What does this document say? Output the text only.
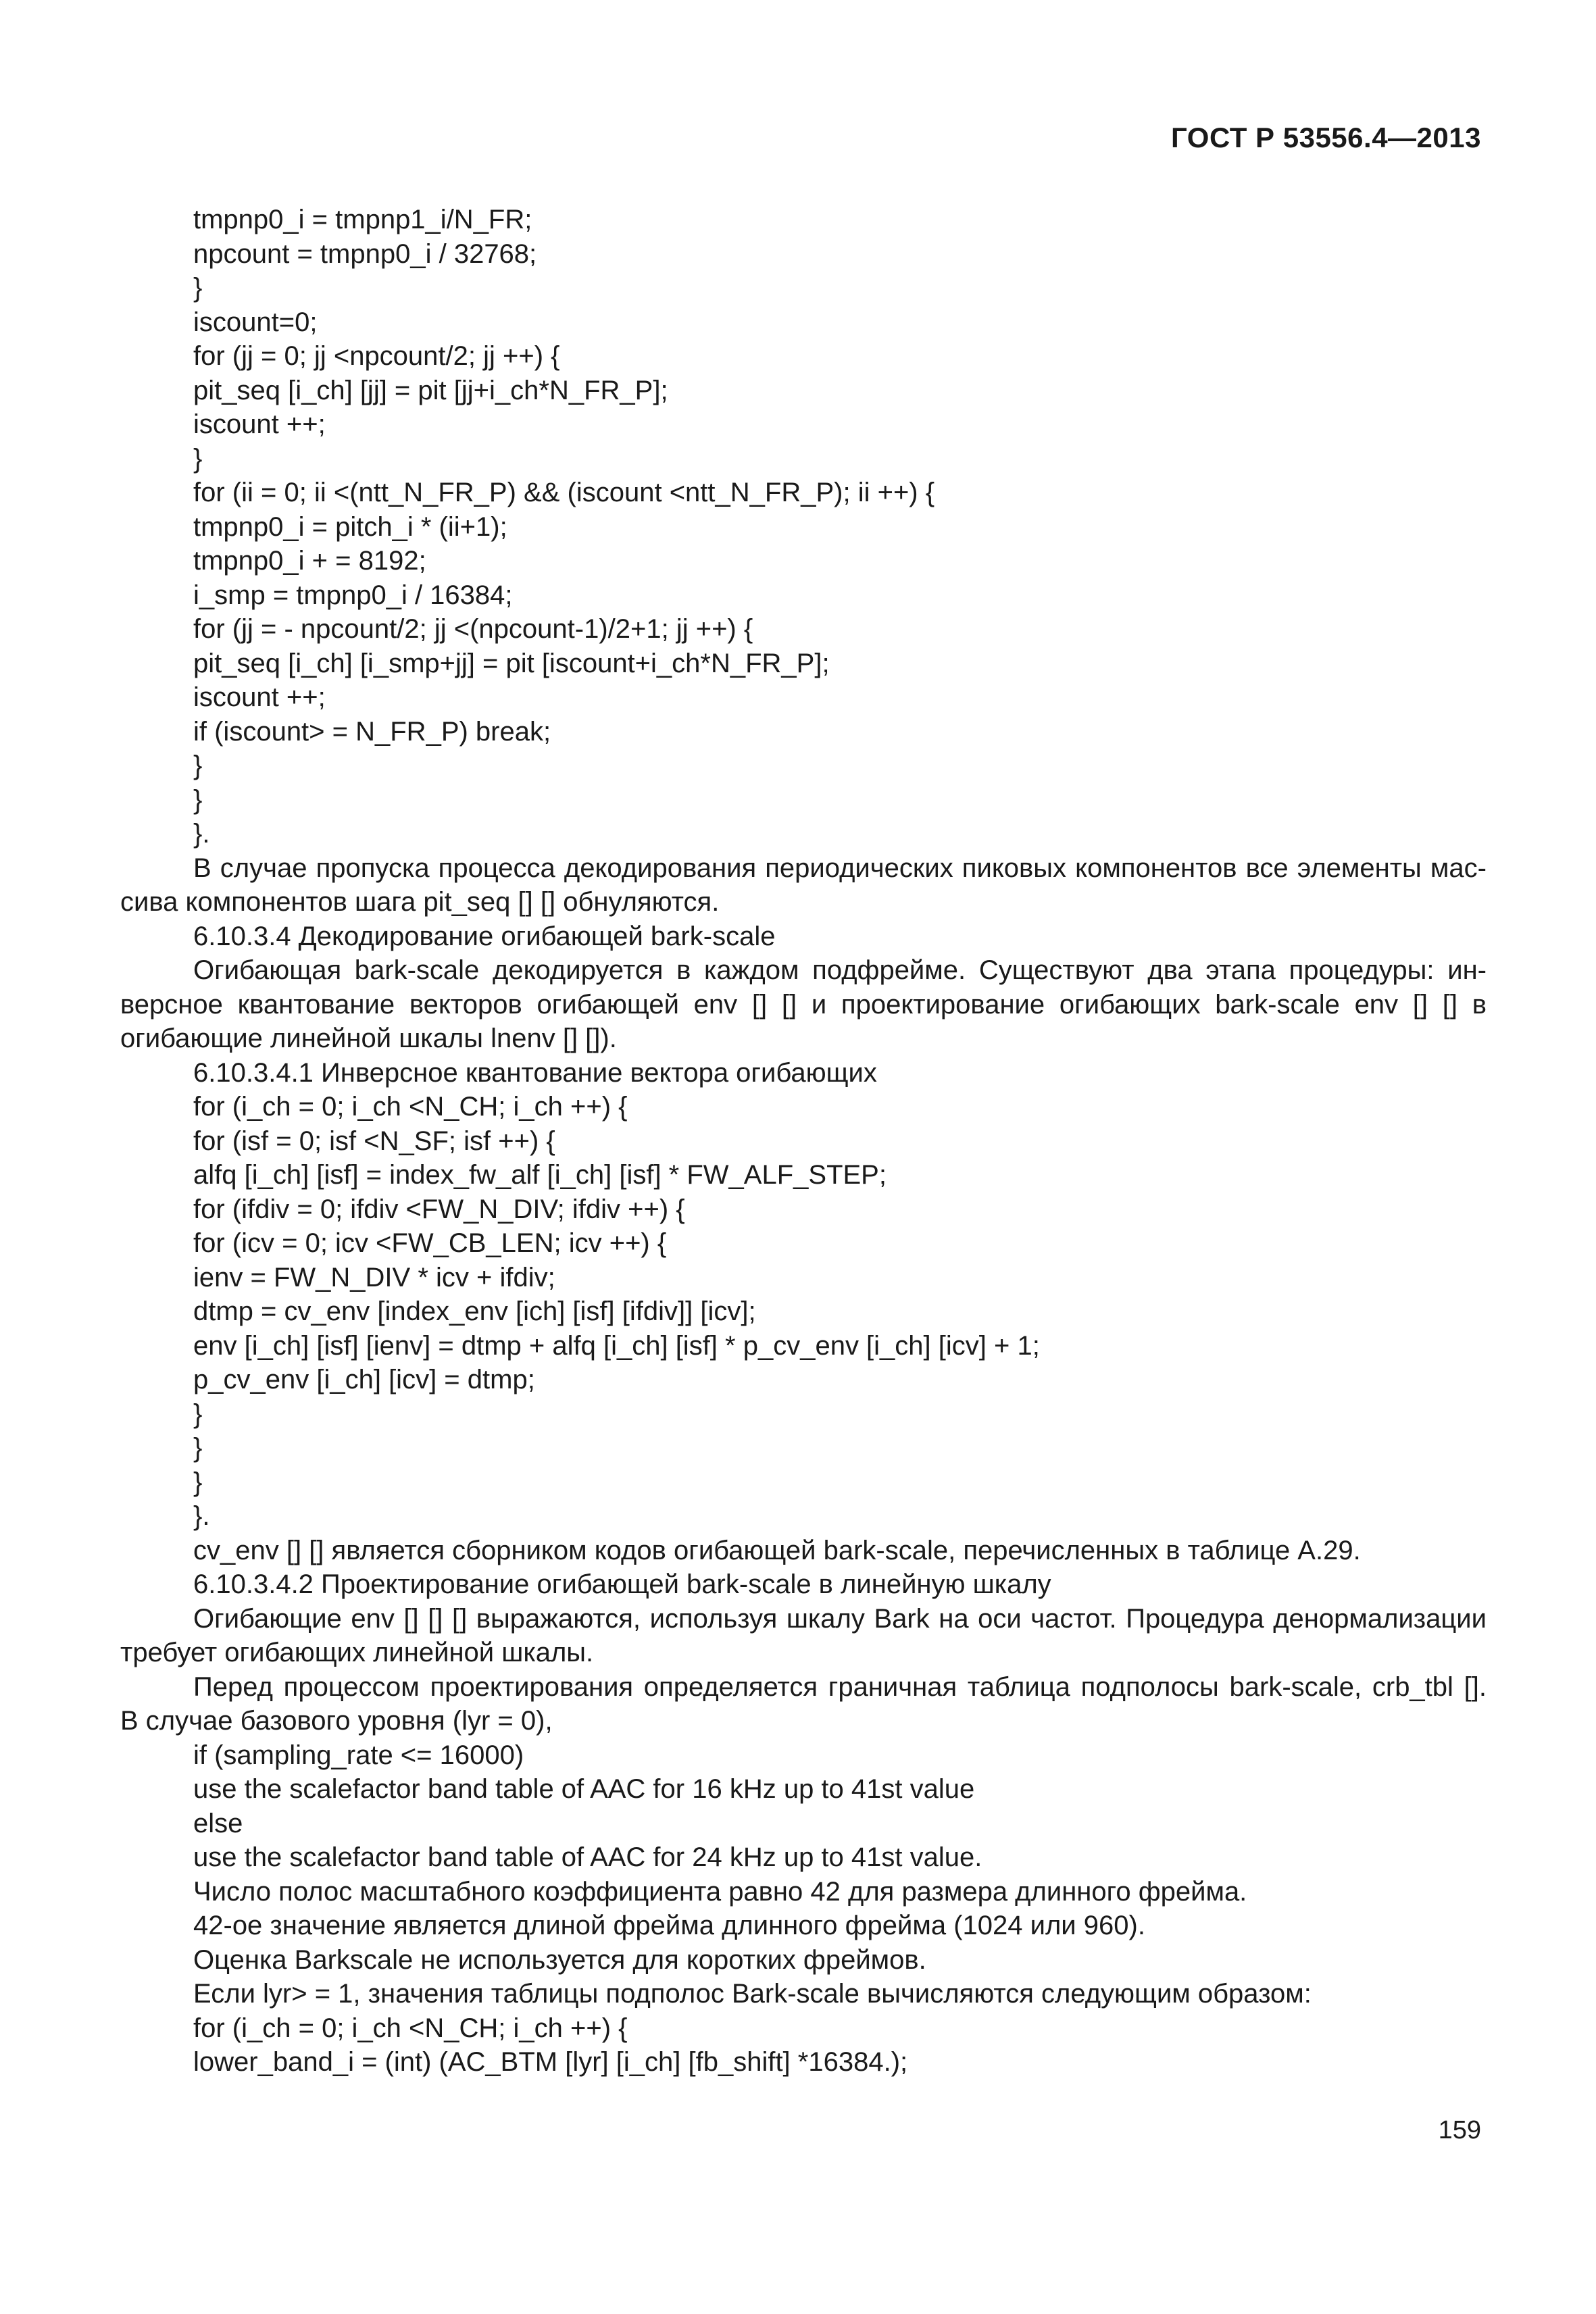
ГОСТ Р 53556.4—2013
tmpnp0_i = tmpnp1_i/N_FR;
npcount = tmpnp0_i / 32768;
}
iscount=0;
for (jj = 0; jj <npcount/2; jj ++) {
pit_seq [i_ch] [jj] = pit [jj+i_ch*N_FR_P];
iscount ++;
}
for (ii = 0; ii <(ntt_N_FR_P) && (iscount <ntt_N_FR_P); ii ++) {
tmpnp0_i = pitch_i * (ii+1);
tmpnp0_i + = 8192;
i_smp = tmpnp0_i / 16384;
for (jj = - npcount/2; jj <(npcount-1)/2+1; jj ++) {
pit_seq [i_ch] [i_smp+jj] = pit [iscount+i_ch*N_FR_P];
iscount ++;
if (iscount> = N_FR_P) break;
}
}
}.
В случае пропуска процесса декодирования периодических пиковых компонентов все элементы мас-
сива компонентов шага pit_seq [] [] обнуляются.
6.10.3.4 Декодирование огибающей bark-scale
Огибающая bark-scale декодируется в каждом подфрейме. Существуют два этапа процедуры: ин-
версное квантование векторов огибающей env [] [] и проектирование огибающих bark-scale env [] [] в
огибающие линейной шкалы lnenv [] []).
6.10.3.4.1 Инверсное квантование вектора огибающих
for (i_ch = 0; i_ch <N_CH; i_ch ++) {
for (isf = 0; isf <N_SF; isf ++) {
alfq [i_ch] [isf] = index_fw_alf [i_ch] [isf] * FW_ALF_STEP;
for (ifdiv = 0; ifdiv <FW_N_DIV; ifdiv ++) {
for (icv = 0; icv <FW_CB_LEN; icv ++) {
ienv = FW_N_DIV * icv + ifdiv;
dtmp = cv_env [index_env [ich] [isf] [ifdiv]] [icv];
env [i_ch] [isf] [ienv] = dtmp + alfq [i_ch] [isf] * p_cv_env [i_ch] [icv] + 1;
p_cv_env [i_ch] [icv] = dtmp;
}
}
}
}.
cv_env [] [] является сборником кодов огибающей bark-scale, перечисленных в таблице А.29.
6.10.3.4.2 Проектирование огибающей bark-scale в линейную шкалу
Огибающие env [] [] [] выражаются, используя шкалу Bark на оси частот. Процедура денормализации
требует огибающих линейной шкалы.
Перед процессом проектирования определяется граничная таблица подполосы bark-scale, crb_tbl [].
В случае базового уровня (lyr = 0),
if (sampling_rate <= 16000)
use the scalefactor band table of AAC for 16 kHz up to 41st value
else
use the scalefactor band table of AAC for 24 kHz up to 41st value.
Число полос масштабного коэффициента равно 42 для размера длинного фрейма.
42-ое значение является длиной фрейма длинного фрейма (1024 или 960).
Оценка Barkscale не используется для коротких фреймов.
Если lyr> = 1, значения таблицы подполос Bark-scale вычисляются следующим образом:
for (i_ch = 0; i_ch <N_CH; i_ch ++) {
lower_band_i = (int) (AC_BTM [lyr] [i_ch] [fb_shift] *16384.);
159
